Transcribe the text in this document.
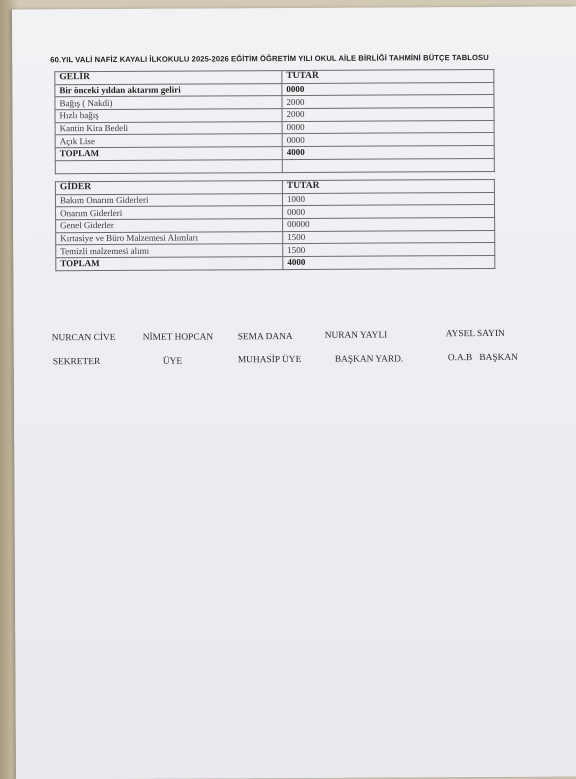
60.YIL VALİ NAFİZ KAYALI İLKOKULU 2025-2026 EĞİTİM ÖĞRETİM YILI OKUL AİLE BİRLİĞİ TAHMİNİ BÜTÇE TABLOSU
GELİR	TUTAR
Bir önceki yıldan aktarım geliri	0000
Bağış ( Nakdi)	2000
Hızlı bağış	2000
Kantin Kira Bedeli	0000
Açık Lise	0000
TOPLAM	4000

GİDER	TUTAR
Bakım Onarım Giderleri	1000
Onarım Giderleri	0000
Genel Giderler	00000
Kırtasiye ve Büro Malzemesi Alımları	1500
Temizli malzemesi alımı	1500
TOPLAM	4000
NURCAN CİVE	NİMET HOPCAN	SEMA DANA	NURAN YAYLI	AYSEL SAYIN
SEKRETER	ÜYE	MUHASİP ÜYE	BAŞKAN YARD.	O.A.B   BAŞKAN
